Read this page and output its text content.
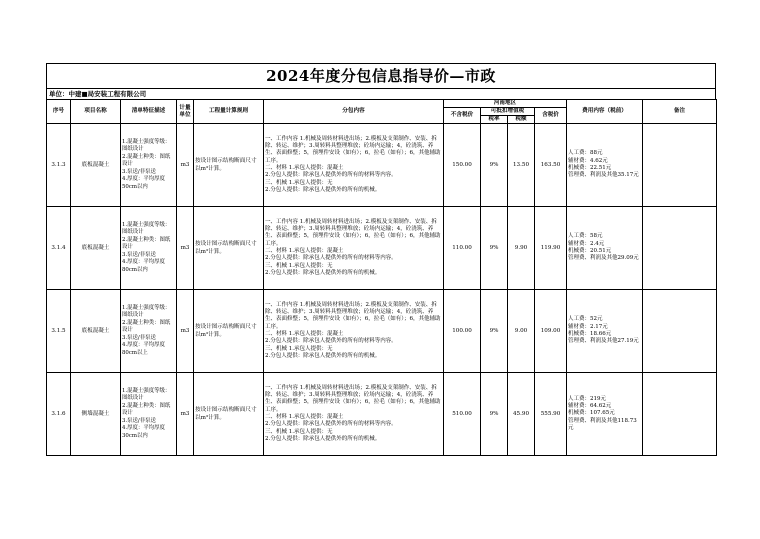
2024年度分包信息指导价—市政
单位：中建■局安装工程有限公司
序号	项目名称	清单特征描述	计量单位	工程量计算规则	分包内容	河南地区				费用内容（税前）	备注
						不含税价	可抵扣增值税		含税价		
							税率	税额			
3.1.3	底板混凝土	1.混凝土强度等级：图纸设计
2.混凝土种类：图纸设计
3.泵送/非泵送
4.厚度：平均厚度50cm以内	m3	按设计图示结构断面尺寸以m³计算。	一、工作内容 1.机械及周转材料进出场；2.模板及支架制作、安装、拆除、转运、维护；3.周转料具整理堆放；砼场内运输；4，砼浇筑、养生、表面修整；5，预埋件安设（如有）；6，拉毛（如有）；6，其他辅助工序。
二、材料 1.承包人提供：混凝土
2.分包人提供：除承包人提供外的所有的材料等内容。
三、机械 1.承包人提供：无
2.分包人提供：除承包人提供外的所有的机械。	150.00	9%	13.50	163.50	人工费：88元
辅材费：4.62元
机械费：22.51元
管理费、利润及其他35.17元	
3.1.4	底板混凝土	1.混凝土强度等级：图纸设计
2.混凝土种类：图纸设计
3.泵送/非泵送
4.厚度：平均厚度80cm以内	m3	按设计图示结构断面尺寸以m³计算。	一、工作内容 1.机械及周转材料进出场；2.模板及支架制作、安装、拆除、转运、维护；3.周转料具整理堆放；砼场内运输；4，砼浇筑、养生、表面修整；5，预埋件安设（如有）；6，拉毛（如有）；6，其他辅助工序。
二、材料 1.承包人提供：混凝土
2.分包人提供：除承包人提供外的所有的材料等内容。
三、机械 1.承包人提供：无
2.分包人提供：除承包人提供外的所有的机械。	110.00	9%	9.90	119.90	人工费：58元
辅材费：2.4元
机械费：20.51元
管理费、利润及其他29.09元	
3.1.5	底板混凝土	1.混凝土强度等级：图纸设计
2.混凝土种类：图纸设计
3.泵送/非泵送
4.厚度：平均厚度80cm以上	m3	按设计图示结构断面尺寸以m³计算。	一、工作内容 1.机械及周转材料进出场；2.模板及支架制作、安装、拆除、转运、维护；3.周转料具整理堆放；砼场内运输；4，砼浇筑、养生、表面修整；5，预埋件安设（如有）；6，拉毛（如有）；6，其他辅助工序。
二、材料 1.承包人提供：混凝土
2.分包人提供：除承包人提供外的所有的材料等内容。
三、机械 1.承包人提供：无
2.分包人提供：除承包人提供外的所有的机械。	100.00	9%	9.00	109.00	人工费：52元
辅材费：2.17元
机械费：18.66元
管理费、利润及其他27.19元	
3.1.6	侧墙混凝土	1.混凝土强度等级：图纸设计
2.混凝土种类：图纸设计
3.泵送/非泵送
4.厚度：平均厚度30cm以内	m3	按设计图示结构断面尺寸以m³计算。	一、工作内容 1.机械及周转材料进出场；2.模板及支架制作、安装、拆除、转运、维护；3.周转料具整理堆放；砼场内运输；4，砼浇筑、养生、表面修整；5，预埋件安设（如有）；6，拉毛（如有）；6，其他辅助工序。
二、材料 1.承包人提供：混凝土
2.分包人提供：除承包人提供外的所有的材料等内容。
三、机械 1.承包人提供：无
2.分包人提供：除承包人提供外的所有的机械。	510.00	9%	45.90	555.90	人工费：219元
辅材费：64.62元
机械费：107.65元
管理费、利润及其他118.73元	
